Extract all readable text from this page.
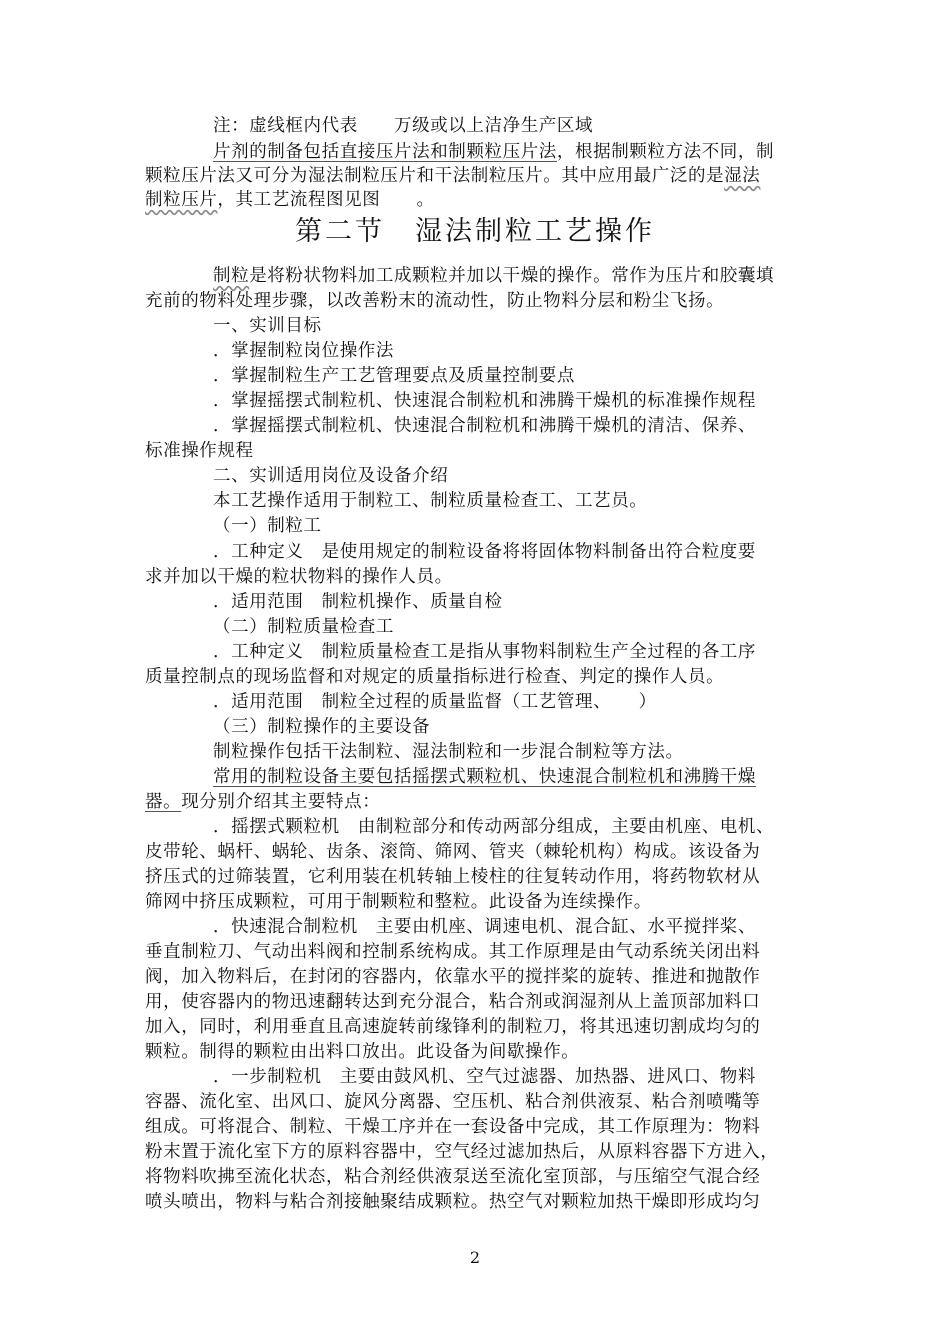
注：虚线框内代表　　万级或以上洁净生产区域
片剂的制备包括直接压片法和制颗粒压片法，根据制颗粒方法不同，制
颗粒压片法又可分为湿法制粒压片和干法制粒压片。其中应用最广泛的是湿法
制粒压片，其工艺流程图见图　　。
第二节　湿法制粒工艺操作
制粒是将粉状物料加工成颗粒并加以干燥的操作。常作为压片和胶囊填
充前的物料处理步骤，以改善粉末的流动性，防止物料分层和粉尘飞扬。
一、实训目标
．掌握制粒岗位操作法
．掌握制粒生产工艺管理要点及质量控制要点
．掌握摇摆式制粒机、快速混合制粒机和沸腾干燥机的标准操作规程
．掌握摇摆式制粒机、快速混合制粒机和沸腾干燥机的清洁、保养、
标准操作规程
二、实训适用岗位及设备介绍
本工艺操作适用于制粒工、制粒质量检查工、工艺员。
（一）制粒工
．工种定义　是使用规定的制粒设备将将固体物料制备出符合粒度要
求并加以干燥的粒状物料的操作人员。
．适用范围　制粒机操作、质量自检
（二）制粒质量检查工
．工种定义　制粒质量检查工是指从事物料制粒生产全过程的各工序
质量控制点的现场监督和对规定的质量指标进行检查、判定的操作人员。
．适用范围　制粒全过程的质量监督（工艺管理、　　）
（三）制粒操作的主要设备
制粒操作包括干法制粒、湿法制粒和一步混合制粒等方法。
常用的制粒设备主要包括摇摆式颗粒机、快速混合制粒机和沸腾干燥
器。现分别介绍其主要特点：
．摇摆式颗粒机　由制粒部分和传动两部分组成，主要由机座、电机、
皮带轮、蜗杆、蜗轮、齿条、滚筒、筛网、管夹（棘轮机构）构成。该设备为
挤压式的过筛装置，它利用装在机转轴上棱柱的往复转动作用，将药物软材从
筛网中挤压成颗粒，可用于制颗粒和整粒。此设备为连续操作。
．快速混合制粒机　主要由机座、调速电机、混合缸、水平搅拌桨、
垂直制粒刀、气动出料阀和控制系统构成。其工作原理是由气动系统关闭出料
阀，加入物料后，在封闭的容器内，依靠水平的搅拌桨的旋转、推进和抛散作
用，使容器内的物迅速翻转达到充分混合，粘合剂或润湿剂从上盖顶部加料口
加入，同时，利用垂直且高速旋转前缘锋利的制粒刀，将其迅速切割成均匀的
颗粒。制得的颗粒由出料口放出。此设备为间歇操作。
．一步制粒机　主要由鼓风机、空气过滤器、加热器、进风口、物料
容器、流化室、出风口、旋风分离器、空压机、粘合剂供液泵、粘合剂喷嘴等
组成。可将混合、制粒、干燥工序并在一套设备中完成，其工作原理为：物料
粉末置于流化室下方的原料容器中，空气经过滤加热后，从原料容器下方进入，
将物料吹拂至流化状态，粘合剂经供液泵送至流化室顶部，与压缩空气混合经
喷头喷出，物料与粘合剂接触聚结成颗粒。热空气对颗粒加热干燥即形成均匀
2
